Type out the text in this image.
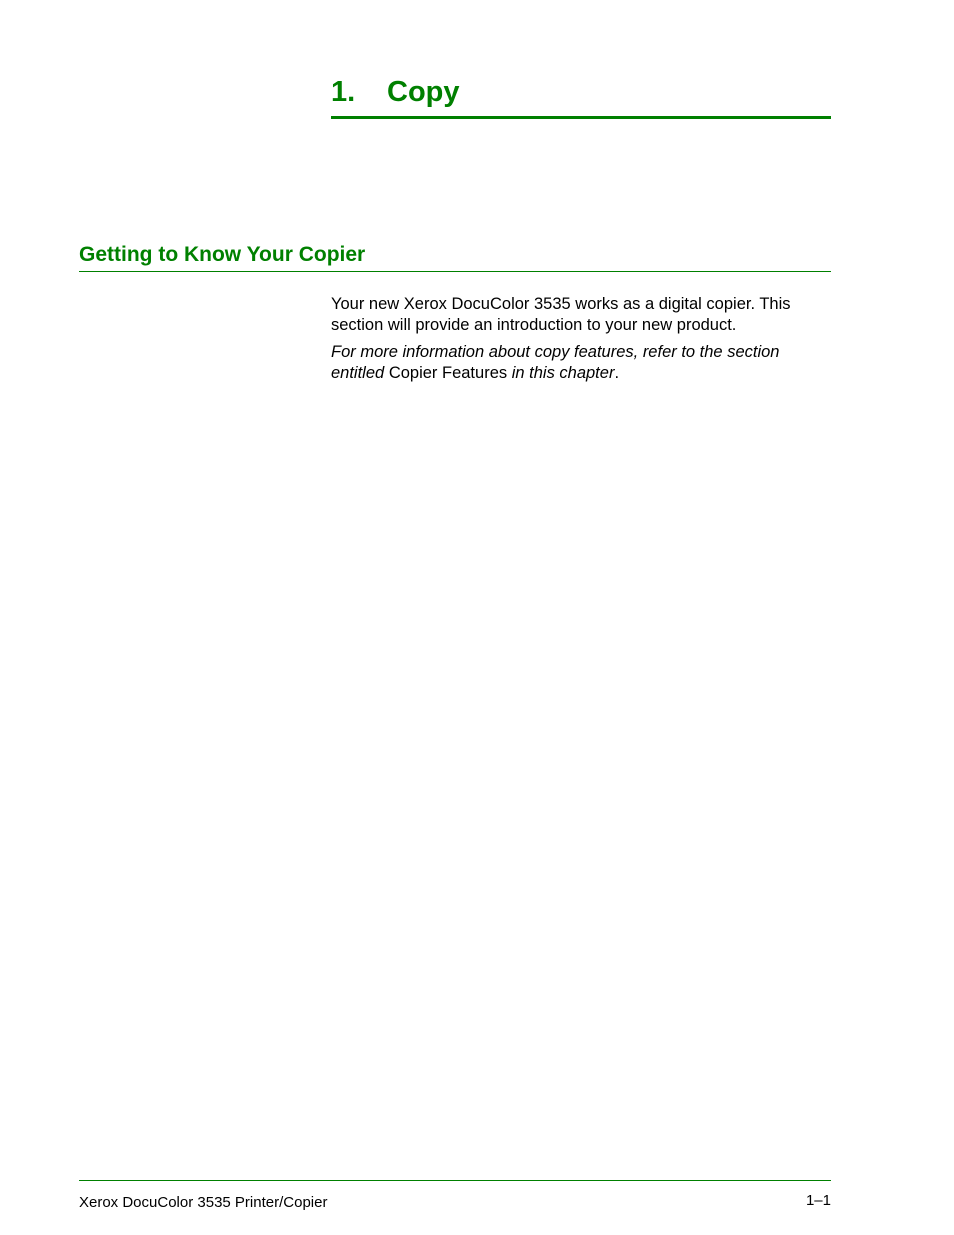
1. Copy
Getting to Know Your Copier

Your new Xerox DocuColor 3535 works as a digital copier. This section will provide an introduction to your new product.

For more information about copy features, refer to the section entitled Copier Features in this chapter.

Xerox DocuColor 3535 Printer/Copier	1–1
